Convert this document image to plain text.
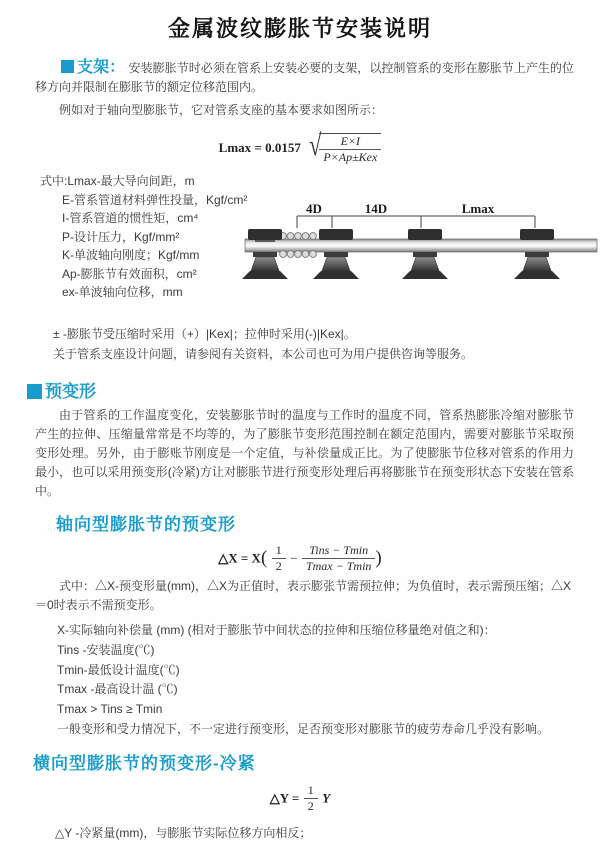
金属波纹膨胀节安装说明

支架： 安装膨胀节时必须在管系上安装必要的支架，以控制管系的变形在膨胀节上产生的位移方向并限制在膨胀节的额定位移范围内。

例如对于轴向型膨胀节，它对管系支座的基本要求如图所示：

Lmax = 0.0157 √
$\frac{E\times I}{\text{P×Ap±Kex}}$
式中:Lmax-最大导向间距，m
E-管系管道材料弹性投量，Kgf/cm²
I-管系管道的惯性矩，cm⁴
P-设计压力，Kgf/mm²
K-单波轴向刚度；Kgf/mm
Ap-膨胀节有效面积，cm²
ex-单波轴向位移，mm
4D	14D	Lmax

± -膨胀节受压缩时采用（+）|Kex|；拉伸时采用(-)|Kex|。

关于管系支座设计问题，请参阅有关资料，本公司也可为用户提供咨询等服务。

预变形

由于管系的工作温度变化，安装膨胀节时的温度与工作时的温度不同，管系热膨胀冷缩对膨胀节产生的拉伸、压缩量常常是不均等的，为了膨胀节变形范围控制在额定范围内，需要对膨胀节采取预变形处理。另外，由于膨账节刚度是一个定值，与补偿量成正比。为了使膨胀节位移对管系的作用力最小，也可以采用预变形(冷紧)方让对膨胀节进行预变形处理后再将膨胀节在预变形状态下安装在管系中。

轴向型膨胀节的预变形
△X = $X( \frac{1}{2} - \frac{\text{Tins − Tmin}}{Tmax - Tmin}$ )

式中：△X-预变形量(mm)，△X为正值时，表示膨张节需预拉伸；为负值时，表示需预压缩；△X＝0时表示不需预变形。

X-实际轴向补偿量 (mm) (相对于膨胀节中间状态的拉伸和压缩位移量绝对值之和)：
Tins -安装温度(℃)
Tmin-最低设计温度(℃)
Tmax -最高设计温 (℃)
Tmax > Tins ≥ Tmin
一般变形和受力情况下，不一定进行预变形，足否预变形对膨胀节的疲劳寿命几乎没有影响。
横向型膨胀节的预变形-冷紧
△Y = $\frac{1}{2}$ Y

△Y -冷紧量(mm)，与膨胀节实际位移方向相反；
